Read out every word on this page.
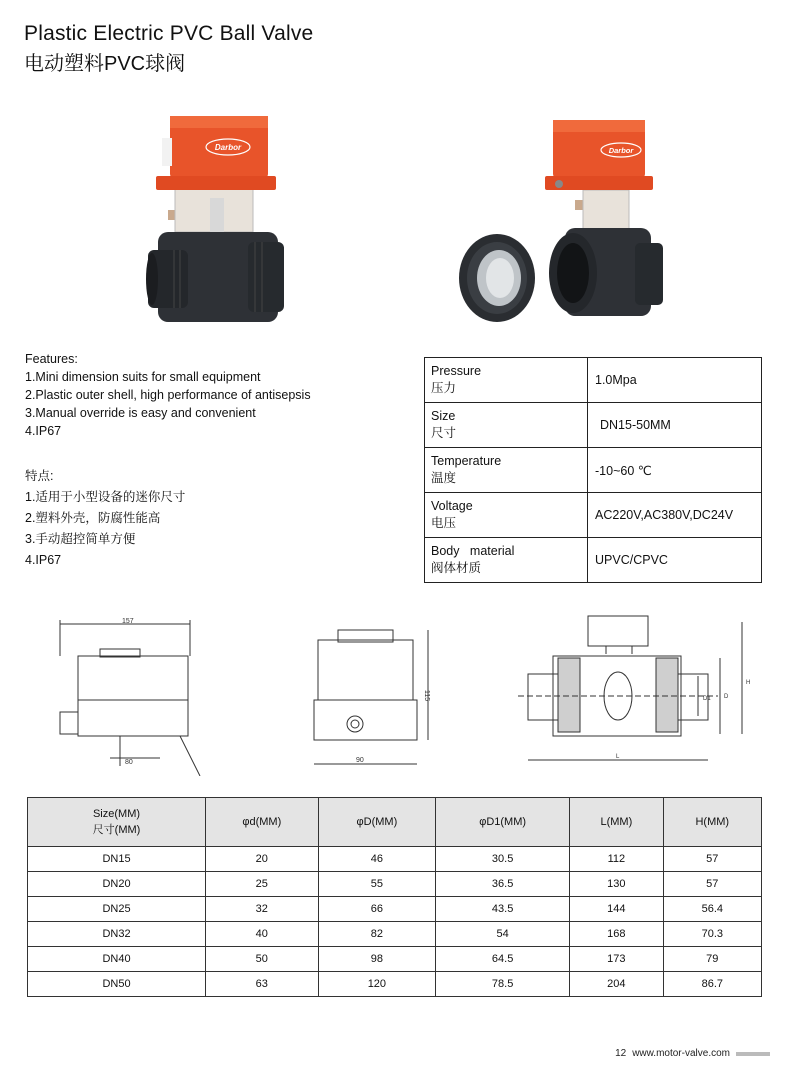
Plastic Electric PVC Ball Valve
电动塑料PVC球阀
Darbor	Darbor
Features:
1.Mini dimension suits for small equipment
2.Plastic outer shell, high performance of antisepsis
3.Manual override is easy and convenient
4.IP67
特点:
1.适用于小型设备的迷你尺寸
2.塑料外壳，防腐性能高
3.手动超控简单方便
4.IP67
Pressure
压力	1.0Mpa

Size
尺寸	DN15-50MM

Temperature
温度	-10~60 ℃

Voltage
电压	AC220V,AC380V,DC24V

Body   material
阀体材质	UPVC/CPVC
157
80
115
90
D1 D
H
L
Size(MM)
尺寸(MM)	φd(MM)	φD(MM)	φD1(MM)	L(MM)	H(MM)
DN15	20	46	30.5	112	57
DN20	25	55	36.5	130	57
DN25	32	66	43.5	144	56.4
DN32	40	82	54	168	70.3
DN40	50	98	64.5	173	79
DN50	63	120	78.5	204	86.7
12 www.motor-valve.com
